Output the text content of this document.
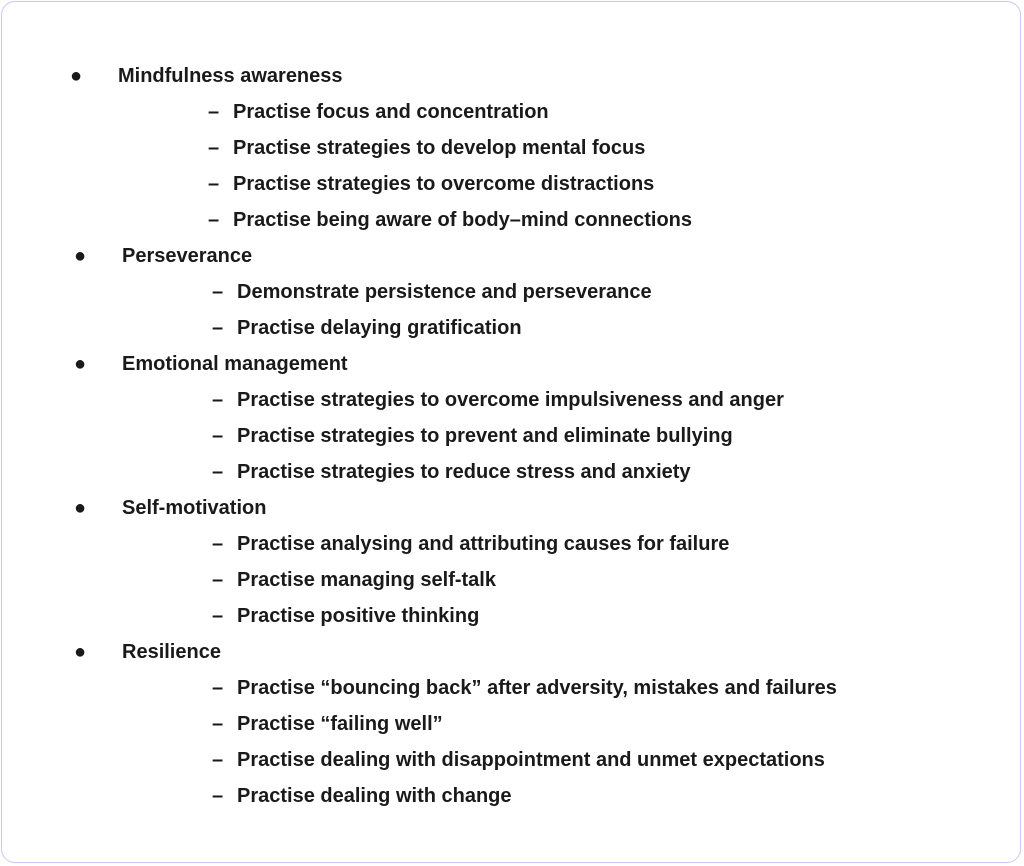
● Mindfulness awareness
– Practise focus and concentration
– Practise strategies to develop mental focus
– Practise strategies to overcome distractions
– Practise being aware of body–mind connections
● Perseverance
– Demonstrate persistence and perseverance
– Practise delaying gratification
● Emotional management
– Practise strategies to overcome impulsiveness and anger
– Practise strategies to prevent and eliminate bullying
– Practise strategies to reduce stress and anxiety
● Self-motivation
– Practise analysing and attributing causes for failure
– Practise managing self-talk
– Practise positive thinking
● Resilience
– Practise “bouncing back” after adversity, mistakes and failures
– Practise “failing well”
– Practise dealing with disappointment and unmet expectations
– Practise dealing with change
